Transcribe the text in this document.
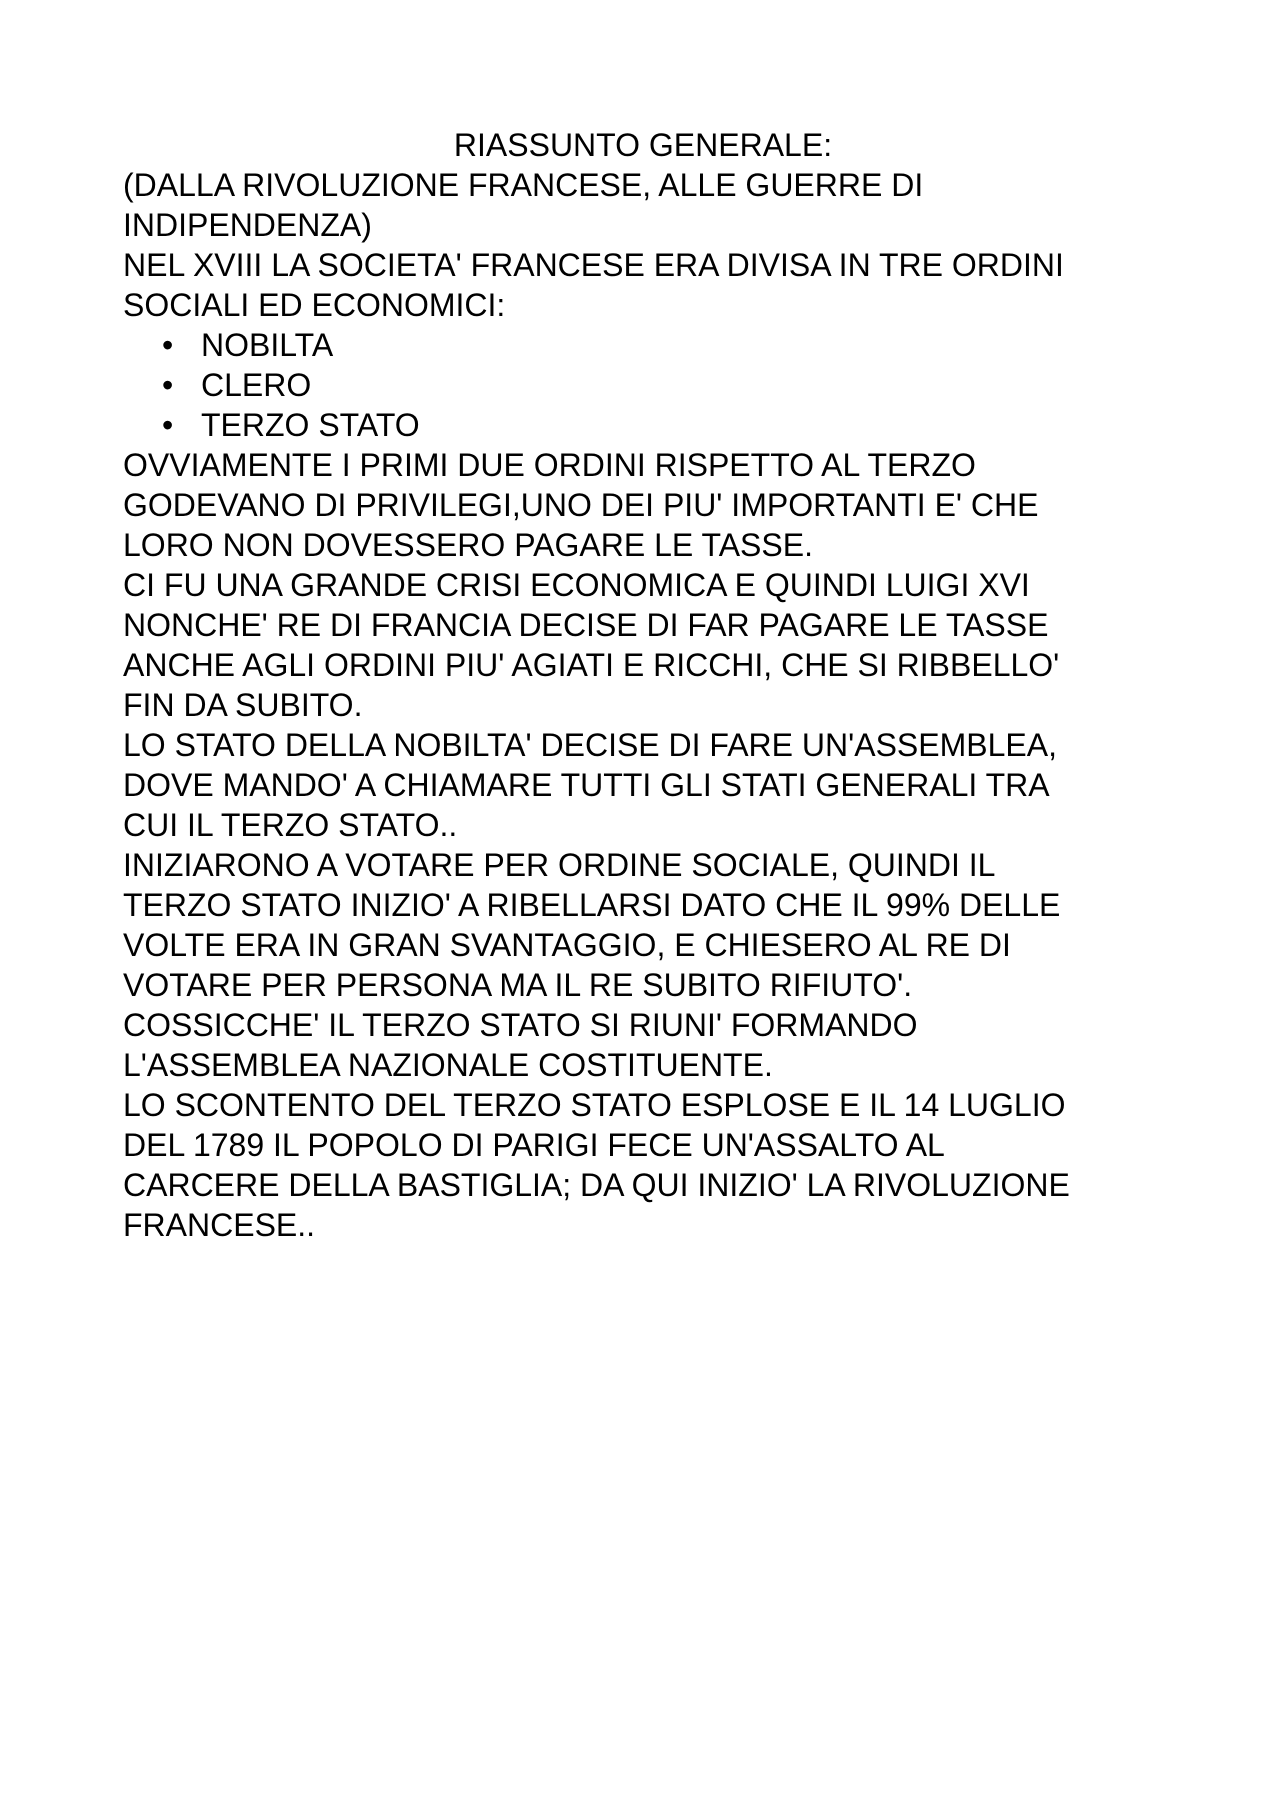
RIASSUNTO GENERALE:

(DALLA RIVOLUZIONE FRANCESE, ALLE GUERRE DI

INDIPENDENZA)

NEL XVIII LA SOCIETA' FRANCESE ERA DIVISA IN TRE ORDINI

SOCIALI ED ECONOMICI:

• NOBILTA
• CLERO
• TERZO STATO

OVVIAMENTE I PRIMI DUE ORDINI RISPETTO AL TERZO

GODEVANO DI PRIVILEGI,UNO DEI PIU' IMPORTANTI E' CHE

LORO NON DOVESSERO PAGARE LE TASSE.

CI FU UNA GRANDE CRISI ECONOMICA E QUINDI LUIGI XVI

NONCHE' RE DI FRANCIA DECISE DI FAR PAGARE LE TASSE

ANCHE AGLI ORDINI PIU' AGIATI E RICCHI, CHE SI RIBBELLO'

FIN DA SUBITO.

LO STATO DELLA NOBILTA' DECISE DI FARE UN'ASSEMBLEA,

DOVE MANDO' A CHIAMARE TUTTI GLI STATI GENERALI TRA

CUI IL TERZO STATO..

INIZIARONO A VOTARE PER ORDINE SOCIALE, QUINDI IL

TERZO STATO INIZIO' A RIBELLARSI DATO CHE IL 99% DELLE

VOLTE ERA IN GRAN SVANTAGGIO, E CHIESERO AL RE DI

VOTARE PER PERSONA MA IL RE SUBITO RIFIUTO'.

COSSICCHE' IL TERZO STATO SI RIUNI' FORMANDO

L'ASSEMBLEA NAZIONALE COSTITUENTE.

LO SCONTENTO DEL TERZO STATO ESPLOSE E IL 14 LUGLIO

DEL 1789 IL POPOLO DI PARIGI FECE UN'ASSALTO AL

CARCERE DELLA BASTIGLIA; DA QUI INIZIO' LA RIVOLUZIONE

FRANCESE..
